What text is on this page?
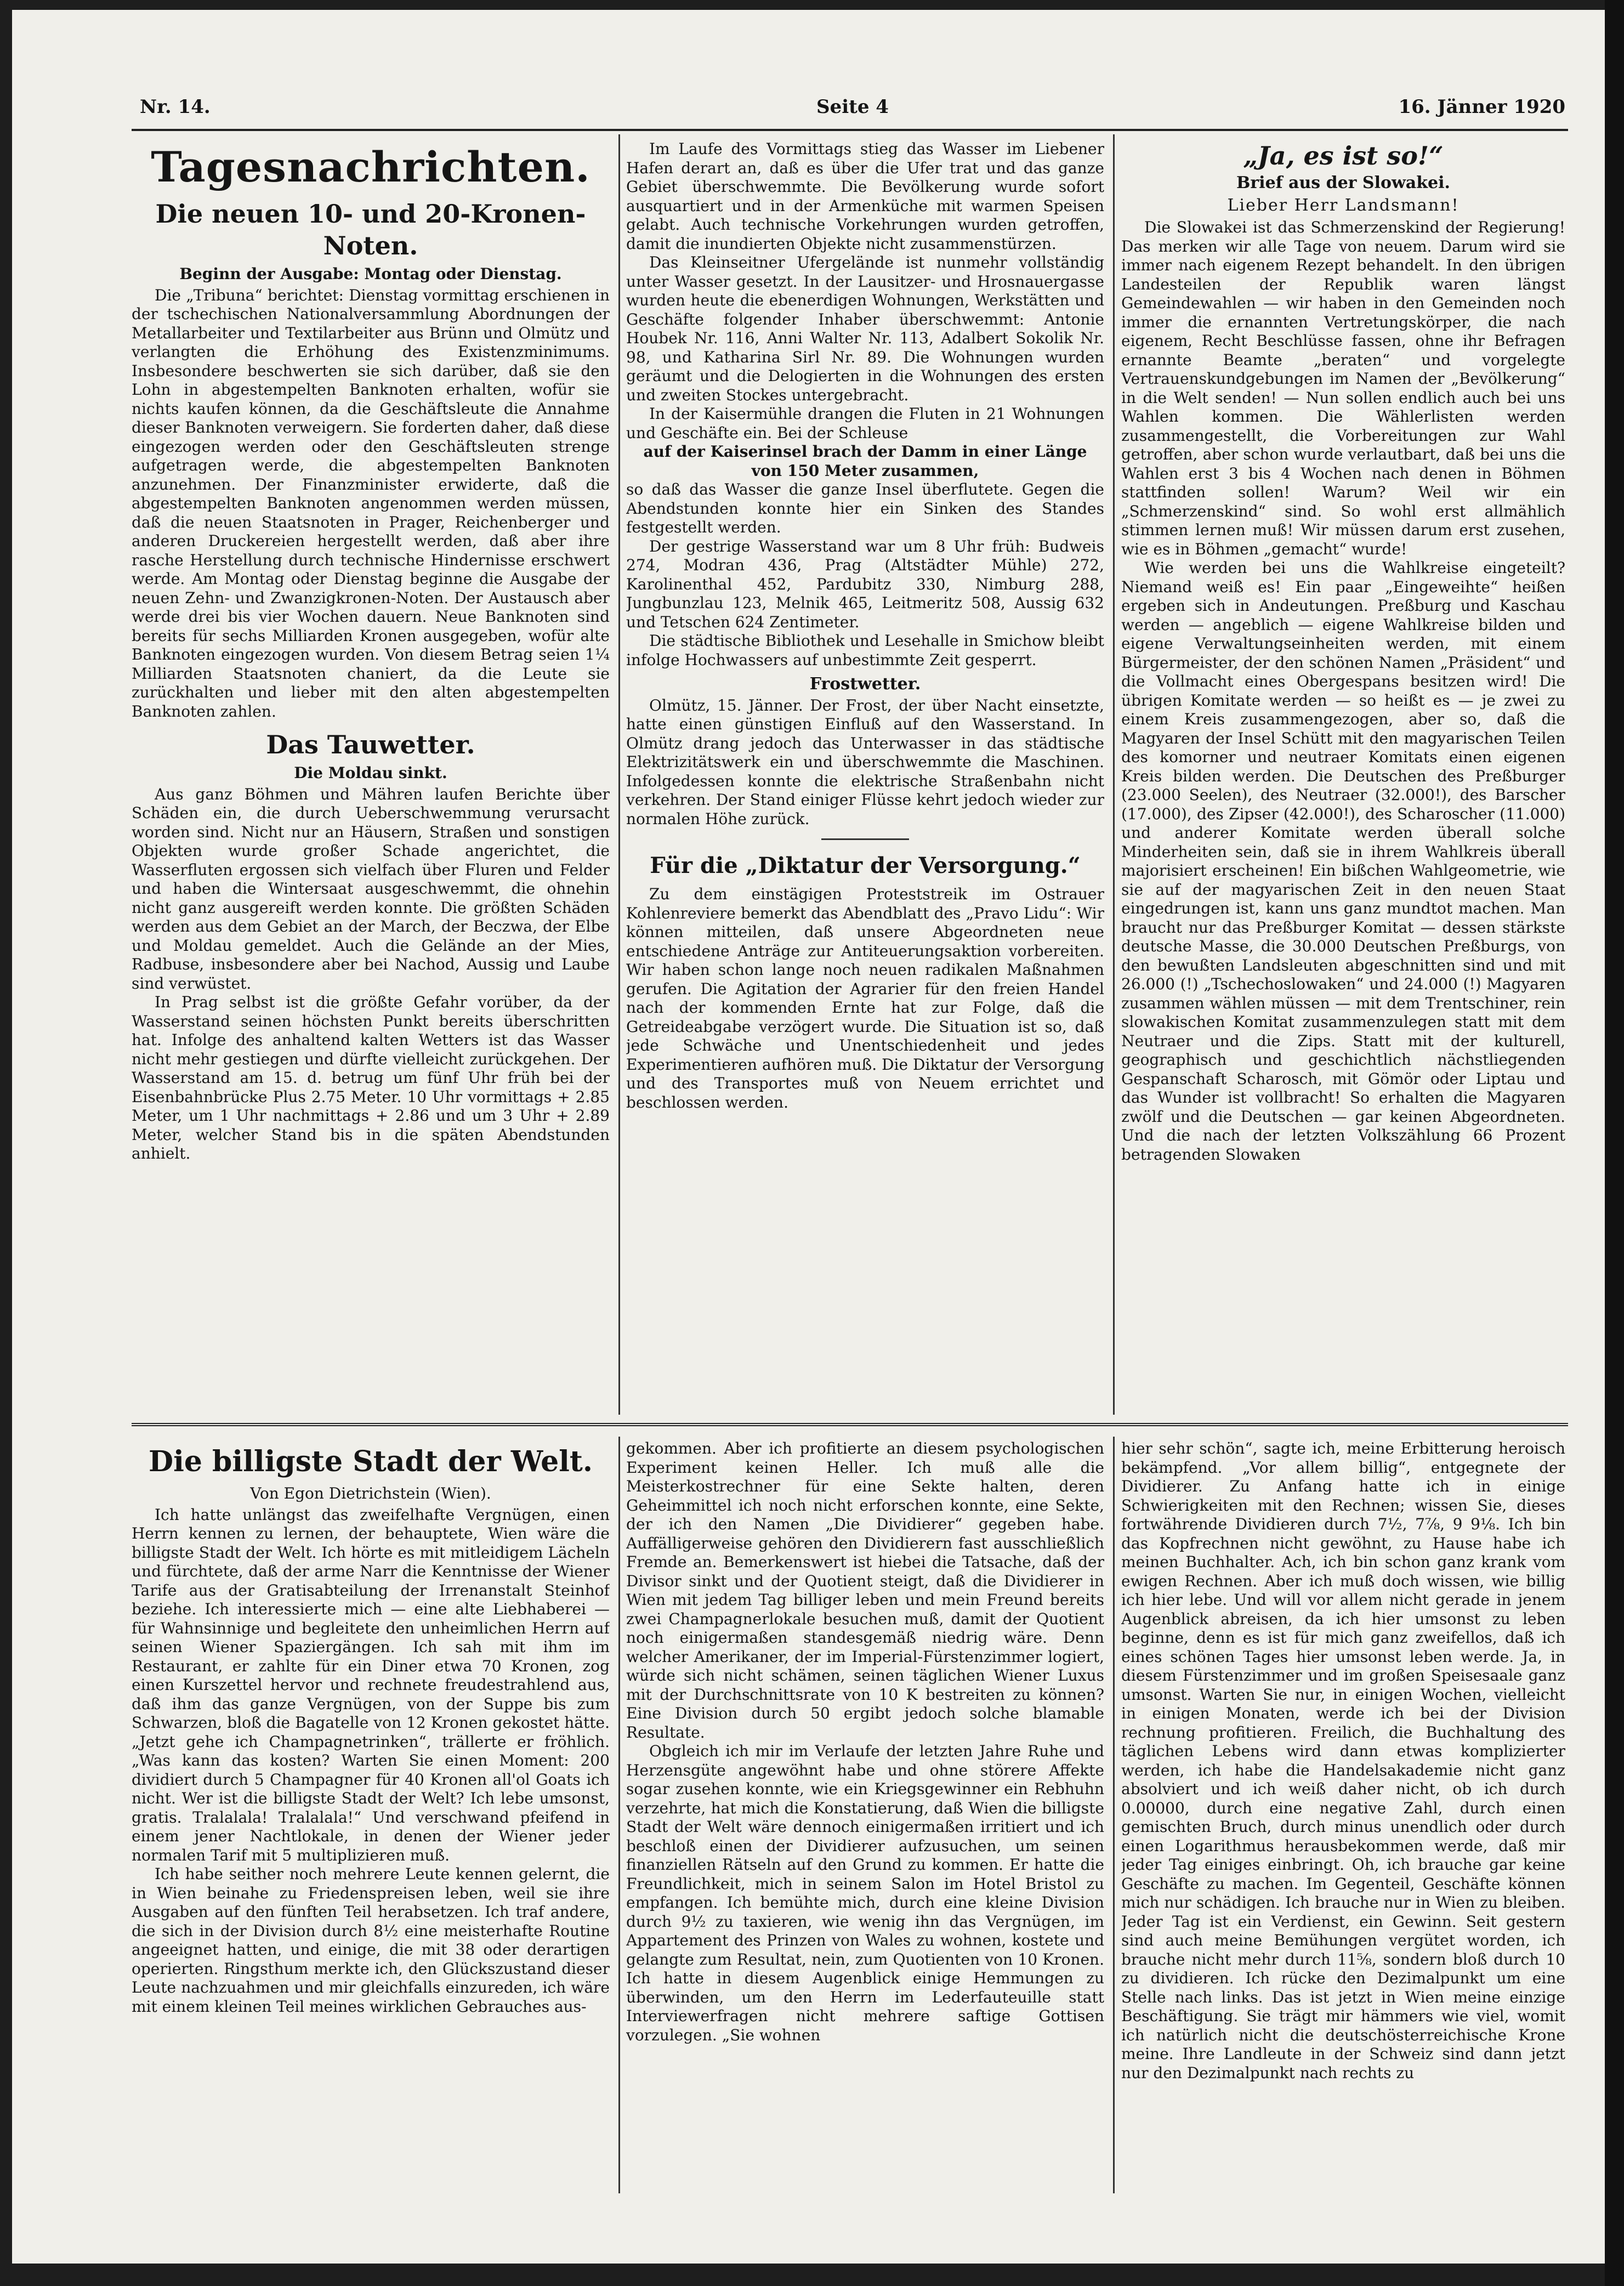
Nr. 14.	Seite 4	16. Jänner 1920
Tagesnachrichten.
Die neuen 10- und 20-Kronen-Noten.
Beginn der Ausgabe: Montag oder Dienstag.

Die „Tribuna“ berichtet: Dienstag vormittag erschienen in der tschechischen Nationalversammlung Abordnungen der Metallarbeiter und Textilarbeiter aus Brünn und Olmütz und verlangten die Erhöhung des Existenzminimums. Insbesondere beschwerten sie sich darüber, daß sie den Lohn in abgestempelten Banknoten erhalten, wofür sie nichts kaufen können, da die Geschäftsleute die Annahme dieser Banknoten verweigern. Sie forderten daher, daß diese eingezogen werden oder den Geschäftsleuten strenge aufgetragen werde, die abgestempelten Banknoten anzunehmen. Der Finanzminister erwiderte, daß die abgestempelten Banknoten angenommen werden müssen, daß die neuen Staatsnoten in Prager, Reichenberger und anderen Druckereien hergestellt werden, daß aber ihre rasche Herstellung durch technische Hindernisse erschwert werde. Am Montag oder Dienstag beginne die Ausgabe der neuen Zehn- und Zwanzigkronen-Noten. Der Austausch aber werde drei bis vier Wochen dauern. Neue Banknoten sind bereits für sechs Milliarden Kronen ausgegeben, wofür alte Banknoten eingezogen wurden. Von diesem Betrag seien 1¼ Milliarden Staatsnoten chaniert, da die Leute sie zurückhalten und lieber mit den alten abgestempelten Banknoten zahlen.

Das Tauwetter.
Die Moldau sinkt.

Aus ganz Böhmen und Mähren laufen Berichte über Schäden ein, die durch Ueberschwemmung verursacht worden sind. Nicht nur an Häusern, Straßen und sonstigen Objekten wurde großer Schade angerichtet, die Wasserfluten ergossen sich vielfach über Fluren und Felder und haben die Wintersaat ausgeschwemmt, die ohnehin nicht ganz ausgereift werden konnte. Die größten Schäden werden aus dem Gebiet an der March, der Beczwa, der Elbe und Moldau gemeldet. Auch die Gelände an der Mies, Radbuse, insbesondere aber bei Nachod, Aussig und Laube sind verwüstet.

In Prag selbst ist die größte Gefahr vorüber, da der Wasserstand seinen höchsten Punkt bereits überschritten hat. Infolge des anhaltend kalten Wetters ist das Wasser nicht mehr gestiegen und dürfte vielleicht zurückgehen. Der Wasserstand am 15. d. betrug um fünf Uhr früh bei der Eisenbahnbrücke Plus 2.75 Meter. 10 Uhr vormittags + 2.85 Meter, um 1 Uhr nachmittags + 2.86 und um 3 Uhr + 2.89 Meter, welcher Stand bis in die späten Abendstunden anhielt.

Im Laufe des Vormittags stieg das Wasser im Liebener Hafen derart an, daß es über die Ufer trat und das ganze Gebiet überschwemmte. Die Bevölkerung wurde sofort ausquartiert und in der Armenküche mit warmen Speisen gelabt. Auch technische Vorkehrungen wurden getroffen, damit die inundierten Objekte nicht zusammenstürzen.

Das Kleinseitner Ufergelände ist nunmehr vollständig unter Wasser gesetzt. In der Lausitzer- und Hrosnauergasse wurden heute die ebenerdigen Wohnungen, Werkstätten und Geschäfte folgender Inhaber überschwemmt: Antonie Houbek Nr. 116, Anni Walter Nr. 113, Adalbert Sokolik Nr. 98, und Katharina Sirl Nr. 89. Die Wohnungen wurden geräumt und die Delogierten in die Wohnungen des ersten und zweiten Stockes untergebracht.

In der Kaisermühle drangen die Fluten in 21 Wohnungen und Geschäfte ein. Bei der Schleuse

auf der Kaiserinsel brach der Damm in einer Länge von 150 Meter zusammen,

so daß das Wasser die ganze Insel überflutete. Gegen die Abendstunden konnte hier ein Sinken des Standes festgestellt werden.

Der gestrige Wasserstand war um 8 Uhr früh: Budweis 274, Modran 436, Prag (Altstädter Mühle) 272, Karolinenthal 452, Pardubitz 330, Nimburg 288, Jungbunzlau 123, Melnik 465, Leitmeritz 508, Aussig 632 und Tetschen 624 Zentimeter.

Die städtische Bibliothek und Lesehalle in Smichow bleibt infolge Hochwassers auf unbestimmte Zeit gesperrt.

Frostwetter.

Olmütz, 15. Jänner. Der Frost, der über Nacht einsetzte, hatte einen günstigen Einfluß auf den Wasserstand. In Olmütz drang jedoch das Unterwasser in das städtische Elektrizitätswerk ein und überschwemmte die Maschinen. Infolgedessen konnte die elektrische Straßenbahn nicht verkehren. Der Stand einiger Flüsse kehrt jedoch wieder zur normalen Höhe zurück.

Für die „Diktatur der Versorgung.“

Zu dem einstägigen Proteststreik im Ostrauer Kohlenreviere bemerkt das Abendblatt des „Pravo Lidu“: Wir können mitteilen, daß unsere Abgeordneten neue entschiedene Anträge zur Antiteuerungsaktion vorbereiten. Wir haben schon lange noch neuen radikalen Maßnahmen gerufen. Die Agitation der Agrarier für den freien Handel nach der kommenden Ernte hat zur Folge, daß die Getreideabgabe verzögert wurde. Die Situation ist so, daß jede Schwäche und Unentschiedenheit und jedes Experimentieren aufhören muß. Die Diktatur der Versorgung und des Transportes muß von Neuem errichtet und beschlossen werden.

„Ja, es ist so!“
Brief aus der Slowakei.
Lieber Herr Landsmann!

Die Slowakei ist das Schmerzenskind der Regierung! Das merken wir alle Tage von neuem. Darum wird sie immer nach eigenem Rezept behandelt. In den übrigen Landesteilen der Republik waren längst Gemeindewahlen — wir haben in den Gemeinden noch immer die ernannten Vertretungskörper, die nach eigenem, Recht Beschlüsse fassen, ohne ihr Befragen ernannte Beamte „beraten“ und vorgelegte Vertrauenskundgebungen im Namen der „Bevölkerung“ in die Welt senden! — Nun sollen endlich auch bei uns Wahlen kommen. Die Wählerlisten werden zusammengestellt, die Vorbereitungen zur Wahl getroffen, aber schon wurde verlautbart, daß bei uns die Wahlen erst 3 bis 4 Wochen nach denen in Böhmen stattfinden sollen! Warum? Weil wir ein „Schmerzenskind“ sind. So wohl erst allmählich stimmen lernen muß! Wir müssen darum erst zusehen, wie es in Böhmen „gemacht“ wurde!

Wie werden bei uns die Wahlkreise eingeteilt? Niemand weiß es! Ein paar „Eingeweihte“ heißen ergeben sich in Andeutungen. Preßburg und Kaschau werden — angeblich — eigene Wahlkreise bilden und eigene Verwaltungseinheiten werden, mit einem Bürgermeister, der den schönen Namen „Präsident“ und die Vollmacht eines Obergespans besitzen wird! Die übrigen Komitate werden — so heißt es — je zwei zu einem Kreis zusammengezogen, aber so, daß die Magyaren der Insel Schütt mit den magyarischen Teilen des komorner und neutraer Komitats einen eigenen Kreis bilden werden. Die Deutschen des Preßburger (23.000 Seelen), des Neutraer (32.000!), des Barscher (17.000), des Zipser (42.000!), des Scharoscher (11.000) und anderer Komitate werden überall solche Minderheiten sein, daß sie in ihrem Wahlkreis überall majorisiert erscheinen! Ein bißchen Wahlgeometrie, wie sie auf der magyarischen Zeit in den neuen Staat eingedrungen ist, kann uns ganz mundtot machen. Man braucht nur das Preßburger Komitat — dessen stärkste deutsche Masse, die 30.000 Deutschen Preßburgs, von den bewußten Landsleuten abgeschnitten sind und mit 26.000 (!) „Tschechoslowaken“ und 24.000 (!) Magyaren zusammen wählen müssen — mit dem Trentschiner, rein slowakischen Komitat zusammenzulegen statt mit dem Neutraer und die Zips. Statt mit der kulturell, geographisch und geschichtlich nächstliegenden Gespanschaft Scharosch, mit Gömör oder Liptau und das Wunder ist vollbracht! So erhalten die Magyaren zwölf und die Deutschen — gar keinen Abgeordneten. Und die nach der letzten Volkszählung 66 Prozent betragenden Slowaken

Die billigste Stadt der Welt.
Von Egon Dietrichstein (Wien).

Ich hatte unlängst das zweifelhafte Vergnügen, einen Herrn kennen zu lernen, der behauptete, Wien wäre die billigste Stadt der Welt. Ich hörte es mit mitleidigem Lächeln und fürchtete, daß der arme Narr die Kenntnisse der Wiener Tarife aus der Gratisabteilung der Irrenanstalt Steinhof beziehe. Ich interessierte mich — eine alte Liebhaberei — für Wahnsinnige und begleitete den unheimlichen Herrn auf seinen Wiener Spaziergängen. Ich sah mit ihm im Restaurant, er zahlte für ein Diner etwa 70 Kronen, zog einen Kurszettel hervor und rechnete freudestrahlend aus, daß ihm das ganze Vergnügen, von der Suppe bis zum Schwarzen, bloß die Bagatelle von 12 Kronen gekostet hätte. „Jetzt gehe ich Champagnetrinken“, trällerte er fröhlich. „Was kann das kosten? Warten Sie einen Moment: 200 dividiert durch 5 Champagner für 40 Kronen all'ol Goats ich nicht. Wer ist die billigste Stadt der Welt? Ich lebe umsonst, gratis. Tralalala! Tralalala!“ Und verschwand pfeifend in einem jener Nachtlokale, in denen der Wiener jeder normalen Tarif mit 5 multiplizieren muß.

Ich habe seither noch mehrere Leute kennen gelernt, die in Wien beinahe zu Friedenspreisen leben, weil sie ihre Ausgaben auf den fünften Teil herabsetzen. Ich traf andere, die sich in der Division durch 8½ eine meisterhafte Routine angeeignet hatten, und einige, die mit 38 oder derartigen operierten. Ringsthum merkte ich, den Glückszustand dieser Leute nachzuahmen und mir gleichfalls einzureden, ich wäre mit einem kleinen Teil meines wirklichen Gebrauches aus-

gekommen. Aber ich profitierte an diesem psychologischen Experiment keinen Heller. Ich muß alle die Meisterkostrechner für eine Sekte halten, deren Geheimmittel ich noch nicht erforschen konnte, eine Sekte, der ich den Namen „Die Dividierer“ gegeben habe. Auffälligerweise gehören den Dividierern fast ausschließlich Fremde an. Bemerkenswert ist hiebei die Tatsache, daß der Divisor sinkt und der Quotient steigt, daß die Dividierer in Wien mit jedem Tag billiger leben und mein Freund bereits zwei Champagnerlokale besuchen muß, damit der Quotient noch einigermaßen standesgemäß niedrig wäre. Denn welcher Amerikaner, der im Imperial-Fürstenzimmer logiert, würde sich nicht schämen, seinen täglichen Wiener Luxus mit der Durchschnittsrate von 10 K bestreiten zu können? Eine Division durch 50 ergibt jedoch solche blamable Resultate.

Obgleich ich mir im Verlaufe der letzten Jahre Ruhe und Herzensgüte angewöhnt habe und ohne störere Affekte sogar zusehen konnte, wie ein Kriegsgewinner ein Rebhuhn verzehrte, hat mich die Konstatierung, daß Wien die billigste Stadt der Welt wäre dennoch einigermaßen irritiert und ich beschloß einen der Dividierer aufzusuchen, um seinen finanziellen Rätseln auf den Grund zu kommen. Er hatte die Freundlichkeit, mich in seinem Salon im Hotel Bristol zu empfangen. Ich bemühte mich, durch eine kleine Division durch 9½ zu taxieren, wie wenig ihn das Vergnügen, im Appartement des Prinzen von Wales zu wohnen, kostete und gelangte zum Resultat, nein, zum Quotienten von 10 Kronen. Ich hatte in diesem Augenblick einige Hemmungen zu überwinden, um den Herrn im Lederfauteuille statt Interviewerfragen nicht mehrere saftige Gottisen vorzulegen. „Sie wohnen

hier sehr schön“, sagte ich, meine Erbitterung heroisch bekämpfend. „Vor allem billig“, entgegnete der Dividierer. Zu Anfang hatte ich in einige Schwierigkeiten mit den Rechnen; wissen Sie, dieses fortwährende Dividieren durch 7½, 7⅞, 9 9⅛. Ich bin das Kopfrechnen nicht gewöhnt, zu Hause habe ich meinen Buchhalter. Ach, ich bin schon ganz krank vom ewigen Rechnen. Aber ich muß doch wissen, wie billig ich hier lebe. Und will vor allem nicht gerade in jenem Augenblick abreisen, da ich hier umsonst zu leben beginne, denn es ist für mich ganz zweifellos, daß ich eines schönen Tages hier umsonst leben werde. Ja, in diesem Fürstenzimmer und im großen Speisesaale ganz umsonst. Warten Sie nur, in einigen Wochen, vielleicht in einigen Monaten, werde ich bei der Division rechnung profitieren. Freilich, die Buchhaltung des täglichen Lebens wird dann etwas komplizierter werden, ich habe die Handelsakademie nicht ganz absolviert und ich weiß daher nicht, ob ich durch 0.00000, durch eine negative Zahl, durch einen gemischten Bruch, durch minus unendlich oder durch einen Logarithmus herausbekommen werde, daß mir jeder Tag einiges einbringt. Oh, ich brauche gar keine Geschäfte zu machen. Im Gegenteil, Geschäfte können mich nur schädigen. Ich brauche nur in Wien zu bleiben. Jeder Tag ist ein Verdienst, ein Gewinn. Seit gestern sind auch meine Bemühungen vergütet worden, ich brauche nicht mehr durch 11⅝, sondern bloß durch 10 zu dividieren. Ich rücke den Dezimalpunkt um eine Stelle nach links. Das ist jetzt in Wien meine einzige Beschäftigung. Sie trägt mir hämmers wie viel, womit ich natürlich nicht die deutschösterreichische Krone meine. Ihre Landleute in der Schweiz sind dann jetzt nur den Dezimalpunkt nach rechts zu
